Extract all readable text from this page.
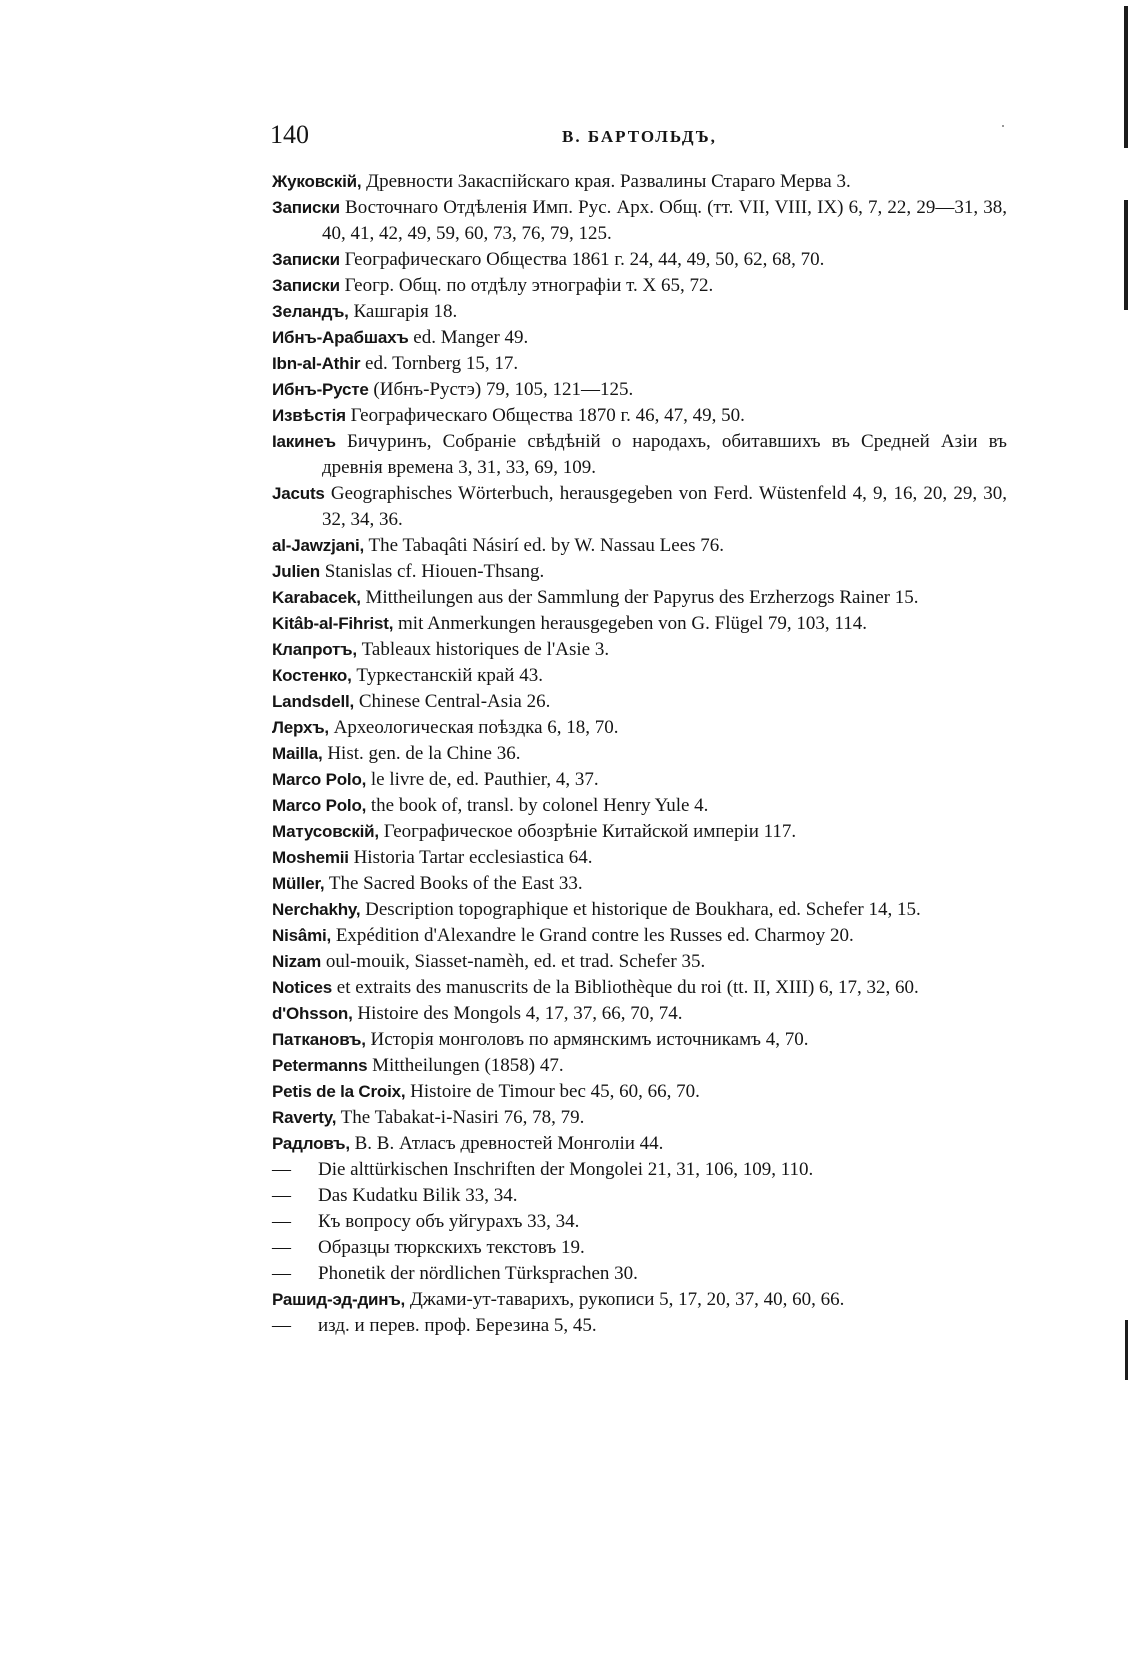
140	В. БАРТОЛЬДЪ,
Жуковскій, Древности Закаспійскаго края. Развалины Стараго Мерва 3.
Записки Восточнаго Отдѣленія Имп. Рус. Арх. Общ. (тт. VII, VIII, IX) 6, 7, 22, 29—31, 38, 40, 41, 42, 49, 59, 60, 73, 76, 79, 125.
Записки Географическаго Общества 1861 г. 24, 44, 49, 50, 62, 68, 70.
Записки Геогр. Общ. по отдѣлу этнографіи т. X 65, 72.
Зеландъ, Кашгарія 18.
Ибнъ-Арабшахъ ed. Manger 49.
Ibn-al-Athir ed. Tornberg 15, 17.
Ибнъ-Русте (Ибнъ-Рустэ) 79, 105, 121—125.
Извѣстія Географическаго Общества 1870 г. 46, 47, 49, 50.
Іакинеъ Бичуринъ, Собраніе свѣдѣній о народахъ, обитавшихъ въ Средней Азіи въ древнія времена 3, 31, 33, 69, 109.
Jacuts Geographisches Wörterbuch, herausgegeben von Ferd. Wüstenfeld 4, 9, 16, 20, 29, 30, 32, 34, 36.
al-Jawzjani, The Tabaqâti Násirí ed. by W. Nassau Lees 76.
Julien Stanislas cf. Hiouen-Thsang.
Karabacek, Mittheilungen aus der Sammlung der Papyrus des Erzherzogs Rainer 15.
Kitâb-al-Fihrist, mit Anmerkungen herausgegeben von G. Flügel 79, 103, 114.
Клапротъ, Tableaux historiques de l'Asie 3.
Костенко, Туркестанскій край 43.
Landsdell, Chinese Central-Asia 26.
Лерхъ, Археологическая поѣздка 6, 18, 70.
Mailla, Hist. gen. de la Chine 36.
Marco Polo, le livre de, ed. Pauthier, 4, 37.
Marco Polo, the book of, transl. by colonel Henry Yule 4.
Матусовскій, Географическое обозрѣніе Китайской имперіи 117.
Moshemii Historia Tartar ecclesiastica 64.
Müller, The Sacred Books of the East 33.
Nerchakhy, Description topographique et historique de Boukhara, ed. Schefer 14, 15.
Nisâmi, Expédition d'Alexandre le Grand contre les Russes ed. Charmoy 20.
Nizam oul-mouik, Siasset-namèh, ed. et trad. Schefer 35.
Notices et extraits des manuscrits de la Bibliothèque du roi (tt. II, XIII) 6, 17, 32, 60.
d'Ohsson, Histoire des Mongols 4, 17, 37, 66, 70, 74.
Паткановъ, Исторія монголовъ по армянскимъ источникамъ 4, 70.
Petermanns Mittheilungen (1858) 47.
Petis de la Croix, Histoire de Timour bec 45, 60, 66, 70.
Raverty, The Tabakat-i-Nasiri 76, 78, 79.
Радловъ, В. В. Атласъ древностей Монголіи 44.
— Die alttürkischen Inschriften der Mongolei 21, 31, 106, 109, 110.
— Das Kudatku Bilik 33, 34.
— Къ вопросу объ уйгурахъ 33, 34.
— Образцы тюркскихъ текстовъ 19.
— Phonetik der nördlichen Türksprachen 30.
Рашид-эд-динъ, Джами-ут-таварихъ, рукописи 5, 17, 20, 37, 40, 60, 66.
— изд. и перев. проф. Березина 5, 45.
